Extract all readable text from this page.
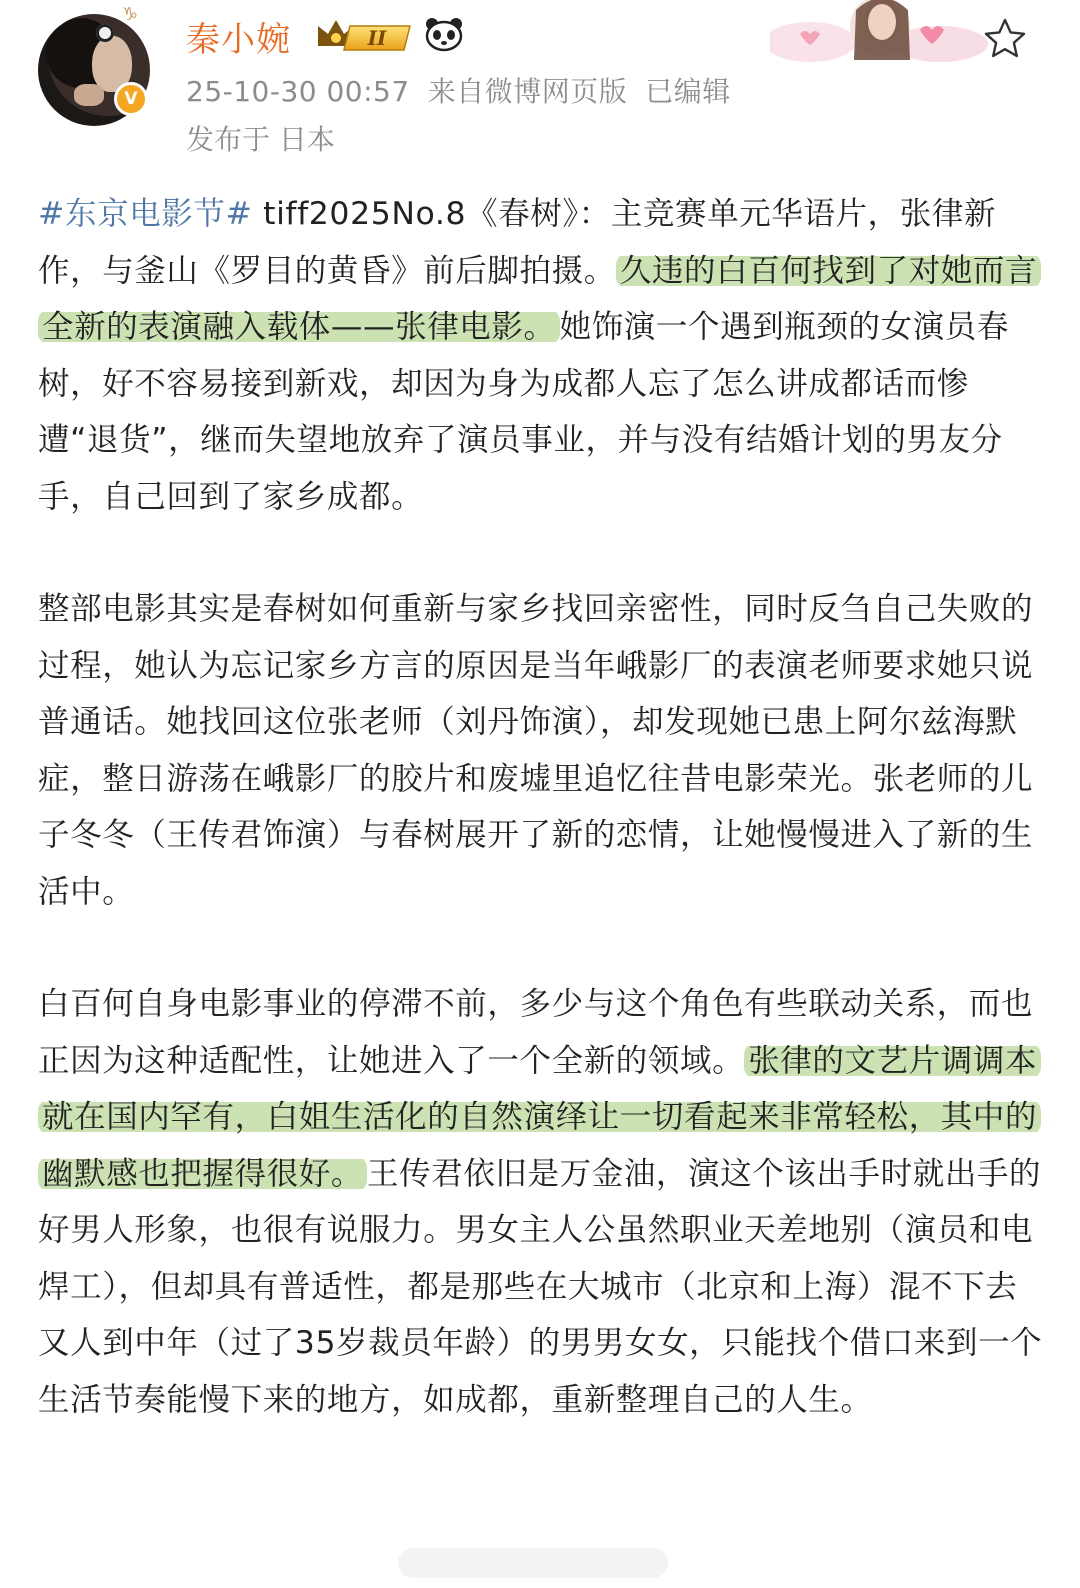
♑
V
秦小婉	II
25-10-30 00:57 来自微博网页版 已编辑
发布于 日本

#东京电影节# tiff2025No.8《春树》：主竞赛单元华语片，张律新作，与釜山《罗目的黄昏》前后脚拍摄。 久违的白百何找到了对她而言全新的表演融入载体——张律电影。 她饰演一个遇到瓶颈的女演员春树，好不容易接到新戏，却因为身为成都人忘了怎么讲成都话而惨遭“退货”，继而失望地放弃了演员事业，并与没有结婚计划的男友分手，自己回到了家乡成都。

整部电影其实是春树如何重新与家乡找回亲密性，同时反刍自己失败的过程，她认为忘记家乡方言的原因是当年峨影厂的表演老师要求她只说普通话。她找回这位张老师（刘丹饰演），却发现她已患上阿尔兹海默症，整日游荡在峨影厂的胶片和废墟里追忆往昔电影荣光。张老师的儿子冬冬（王传君饰演）与春树展开了新的恋情，让她慢慢进入了新的生活中。

白百何自身电影事业的停滞不前，多少与这个角色有些联动关系，而也正因为这种适配性，让她进入了一个全新的领域。 张律的文艺片调调本就在国内罕有，白姐生活化的自然演绎让一切看起来非常轻松，其中的幽默感也把握得很好。 王传君依旧是万金油，演这个该出手时就出手的好男人形象，也很有说服力。男女主人公虽然职业天差地别（演员和电焊工），但却具有普适性，都是那些在大城市（北京和上海）混不下去又人到中年（过了35岁裁员年龄）的男男女女，只能找个借口来到一个生活节奏能慢下来的地方，如成都，重新整理自己的人生。
